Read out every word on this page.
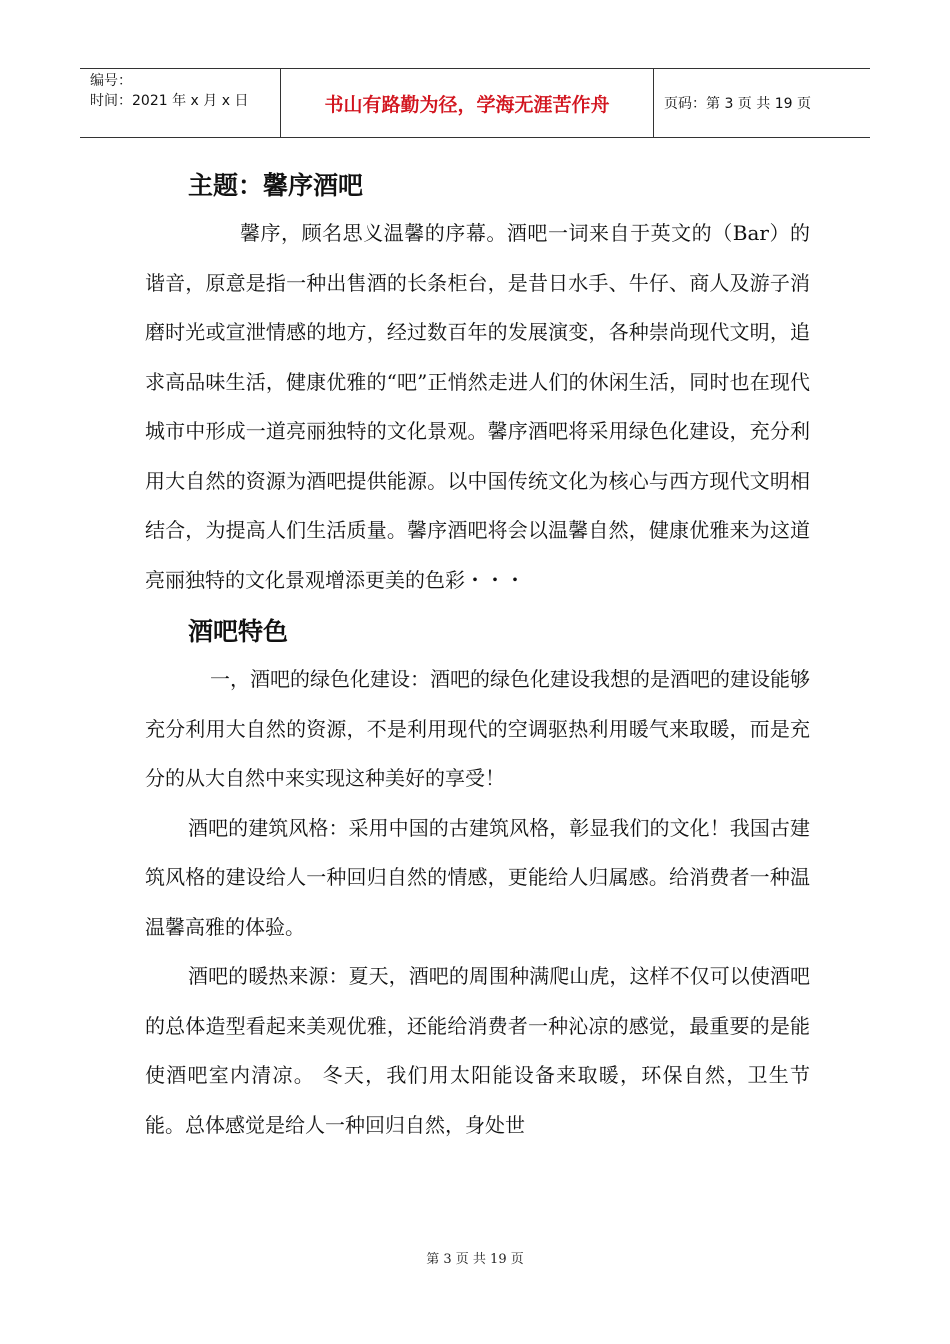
编号：
时间：2021 年 x 月 x 日	书山有路勤为径，学海无涯苦作舟	页码：第 3 页 共 19 页
主题：馨序酒吧

馨序，顾名思义温馨的序幕。酒吧一词来自于英文的（Bar）的谐音，原意是指一种出售酒的长条柜台，是昔日水手、牛仔、商人及游子消磨时光或宣泄情感的地方，经过数百年的发展演变，各种崇尚现代文明，追求高品味生活，健康优雅的“吧”正悄然走进人们的休闲生活，同时也在现代城市中形成一道亮丽独特的文化景观。馨序酒吧将采用绿色化建设，充分利用大自然的资源为酒吧提供能源。以中国传统文化为核心与西方现代文明相结合，为提高人们生活质量。馨序酒吧将会以温馨自然，健康优雅来为这道亮丽独特的文化景观增添更美的色彩・・・

酒吧特色

一，酒吧的绿色化建设：酒吧的绿色化建设我想的是酒吧的建设能够充分利用大自然的资源，不是利用现代的空调驱热利用暖气来取暖，而是充分的从大自然中来实现这种美好的享受！

酒吧的建筑风格：采用中国的古建筑风格，彰显我们的文化！我国古建筑风格的建设给人一种回归自然的情感，更能给人归属感。给消费者一种温温馨高雅的体验。

酒吧的暖热来源：夏天，酒吧的周围种满爬山虎，这样不仅可以使酒吧的总体造型看起来美观优雅，还能给消费者一种沁凉的感觉，最重要的是能使酒吧室内清凉。 冬天，我们用太阳能设备来取暖，环保自然，卫生节能。总体感觉是给人一种回归自然，身处世

第 3 页 共 19 页
